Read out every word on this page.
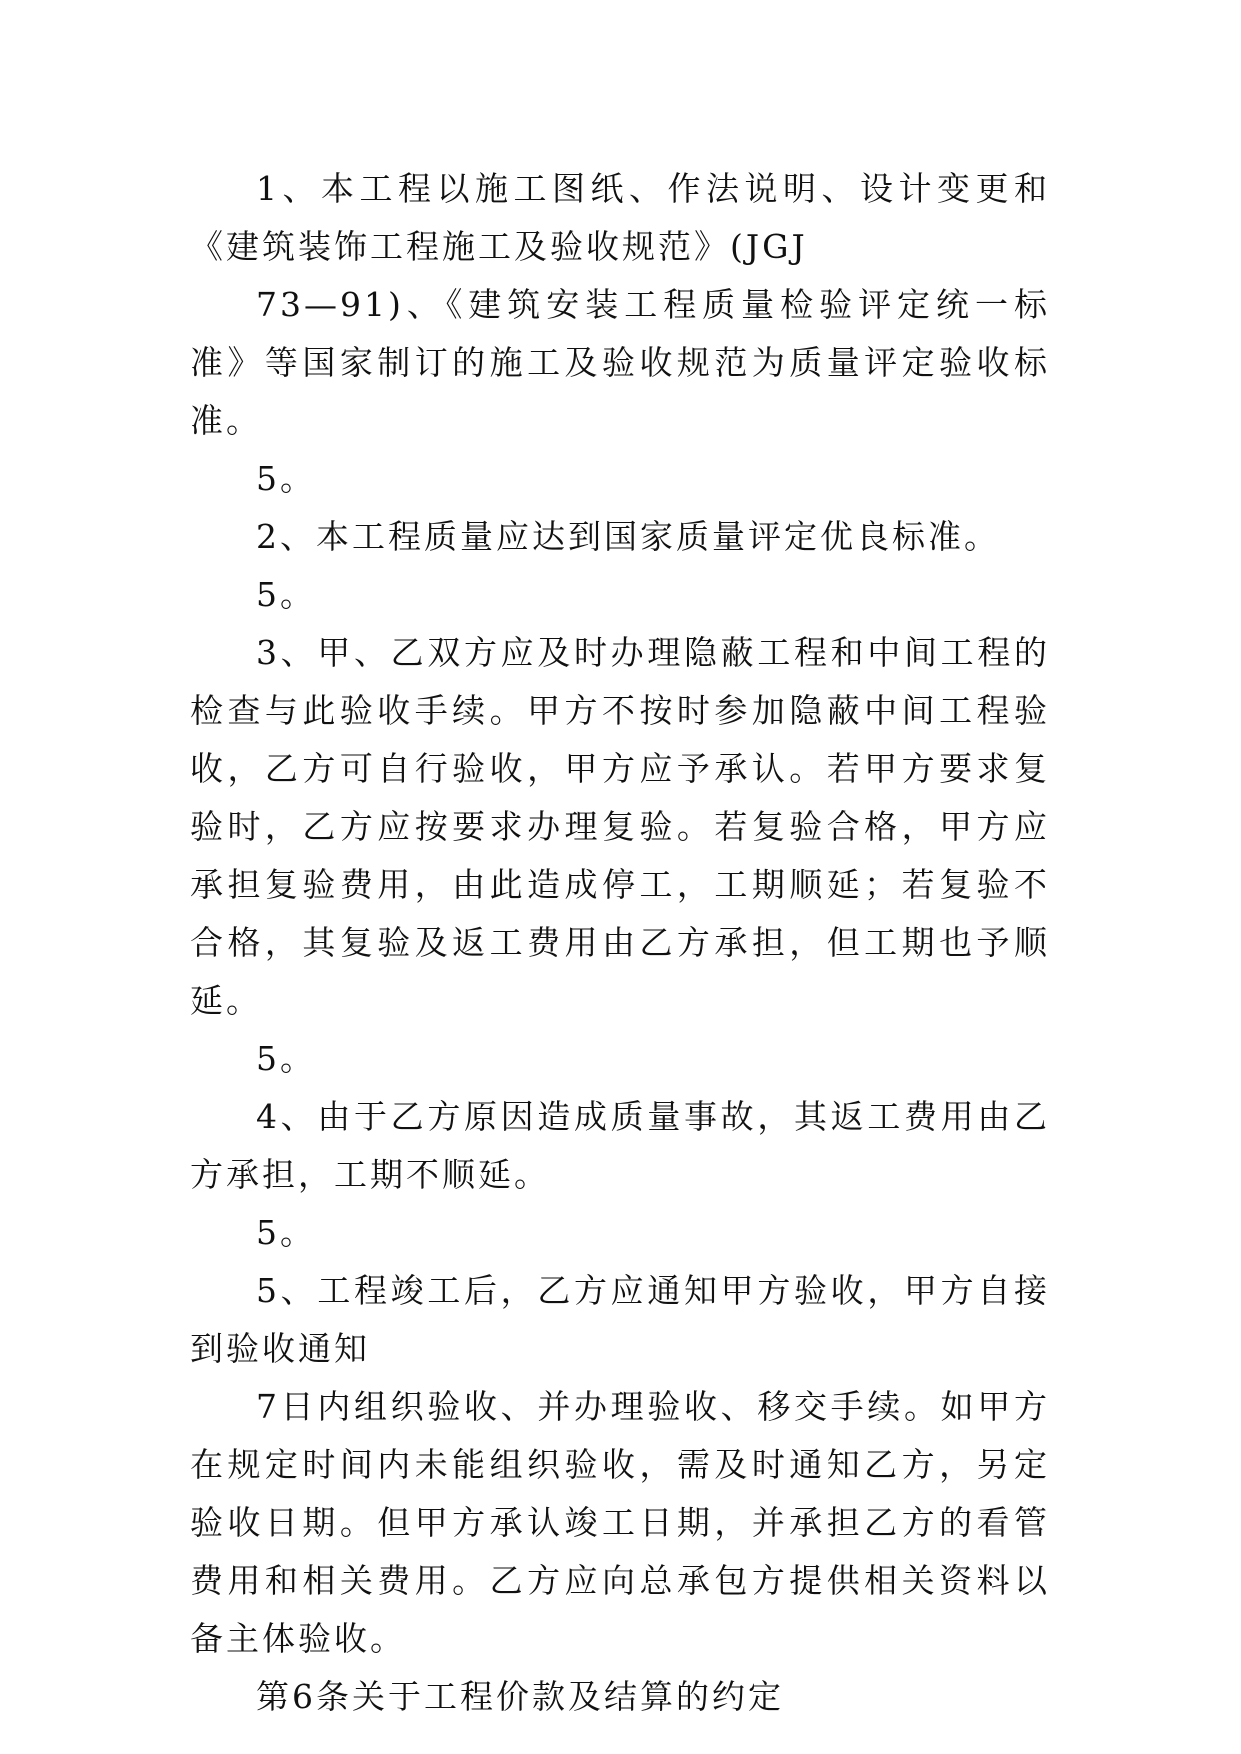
1、本工程以施工图纸、作法说明、设计变更和《建筑装饰工程施工及验收规范》(JGJ

73—91)、《建筑安装工程质量检验评定统一标准》等国家制订的施工及验收规范为质量评定验收标准。

5。

2、本工程质量应达到国家质量评定优良标准。

5。

3、甲、乙双方应及时办理隐蔽工程和中间工程的检查与此验收手续。甲方不按时参加隐蔽中间工程验收，乙方可自行验收，甲方应予承认。若甲方要求复验时，乙方应按要求办理复验。若复验合格，甲方应承担复验费用，由此造成停工，工期顺延；若复验不合格，其复验及返工费用由乙方承担，但工期也予顺延。

5。

4、由于乙方原因造成质量事故，其返工费用由乙方承担，工期不顺延。

5。

5、工程竣工后，乙方应通知甲方验收，甲方自接到验收通知

7日内组织验收、并办理验收、移交手续。如甲方在规定时间内未能组织验收，需及时通知乙方，另定验收日期。但甲方承认竣工日期，并承担乙方的看管费用和相关费用。乙方应向总承包方提供相关资料以备主体验收。

第6条关于工程价款及结算的约定
